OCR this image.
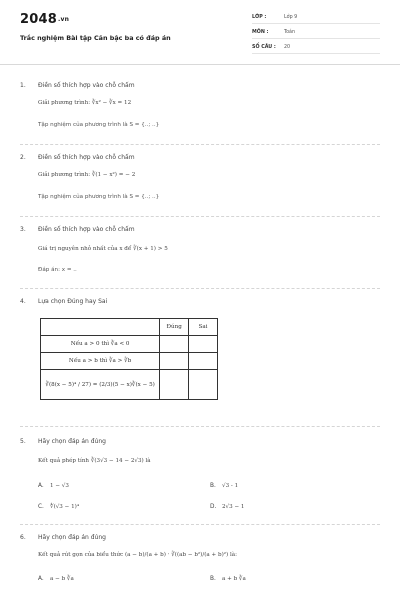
2048.vn
Trắc nghiệm Bài tập Căn bậc ba có đáp án
LỚP :	Lớp 9
MÔN :	Toán
SỐ CÂU : 20
1. Điền số thích hợp vào chỗ chấm
Giải phương trình: ∛x² − ∛x = 12
Tập nghiệm của phương trình là S = {..; ..}
2. Điền số thích hợp vào chỗ chấm
Giải phương trình: ∛(1 − x²) = − 2
Tập nghiệm của phương trình là S = {..; ..}
3. Điền số thích hợp vào chỗ chấm
Giá trị nguyên nhỏ nhất của x để ∛(x + 1) > 5
Đáp án: x = ..
4. Lựa chọn Đúng hay Sai
	Đúng	Sai
Nếu a > 0 thì ∛a < 0		
Nếu a > b thì ∛a > ∛b		
∛(8(x − 5)⁴ / 27) = (2/3)(5 − x)∛(x − 5)		
5. Hãy chọn đáp án đúng
Kết quả phép tính ∛(3√3 − 14 − 2√3) là
A. 1 − √3	B. √3 - 1
C. ∜(√3 − 1)⁴	D. 2√3 − 1
6. Hãy chọn đáp án đúng
Kết quả rút gọn của biểu thức (a − b)/(a + b) · ∛((ab − b²)/(a + b)²) là:
A. a − b ∛a	B. a + b ∛a
